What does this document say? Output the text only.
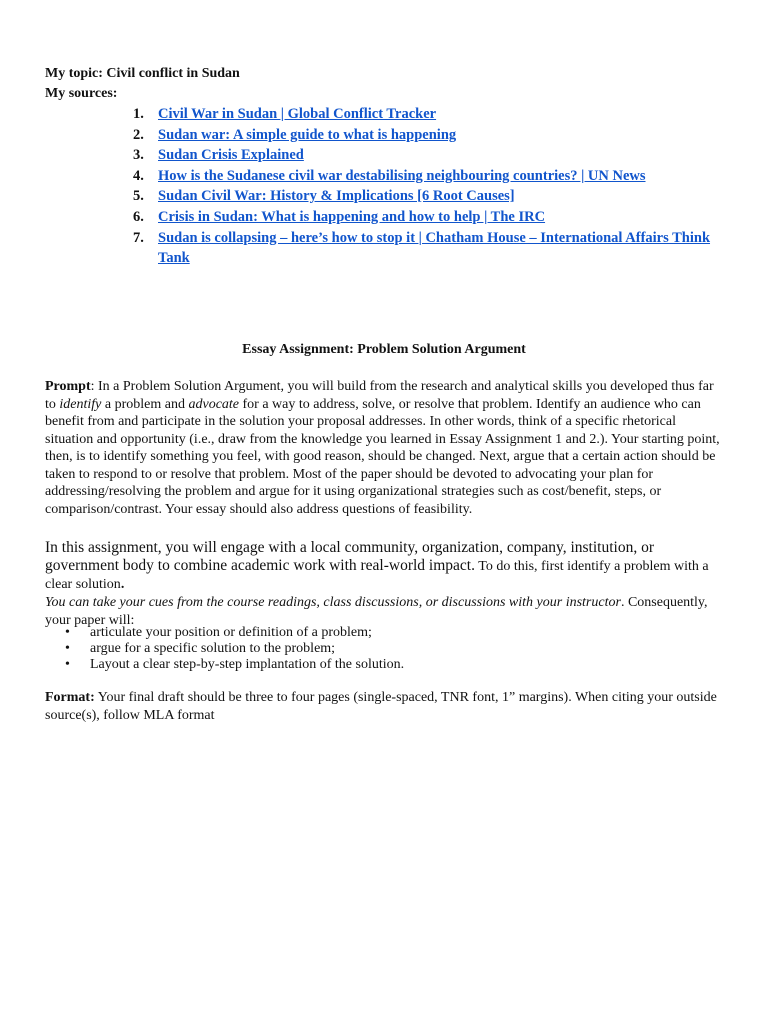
My topic: Civil conflict in Sudan
My sources:
1. Civil War in Sudan | Global Conflict Tracker
2. Sudan war: A simple guide to what is happening
3. Sudan Crisis Explained
4. How is the Sudanese civil war destabilising neighbouring countries? | UN News
5. Sudan Civil War: History & Implications [6 Root Causes]
6. Crisis in Sudan: What is happening and how to help | The IRC
7. Sudan is collapsing – here’s how to stop it | Chatham House – International Affairs Think Tank
Essay Assignment: Problem Solution Argument
Prompt: In a Problem Solution Argument, you will build from the research and analytical skills you developed thus far to identify a problem and advocate for a way to address, solve, or resolve that problem. Identify an audience who can benefit from and participate in the solution your proposal addresses. In other words, think of a specific rhetorical situation and opportunity (i.e., draw from the knowledge you learned in Essay Assignment 1 and 2.). Your starting point, then, is to identify something you feel, with good reason, should be changed. Next, argue that a certain action should be taken to respond to or resolve that problem. Most of the paper should be devoted to advocating your plan for addressing/resolving the problem and argue for it using organizational strategies such as cost/benefit, steps, or comparison/contrast. Your essay should also address questions of feasibility.
In this assignment, you will engage with a local community, organization, company, institution, or government body to combine academic work with real-world impact. To do this, first identify a problem with a clear solution.
You can take your cues from the course readings, class discussions, or discussions with your instructor. Consequently, your paper will:
• articulate your position or definition of a problem;
• argue for a specific solution to the problem;
• Layout a clear step-by-step implantation of the solution.
Format: Your final draft should be three to four pages (single-spaced, TNR font, 1” margins). When citing your outside source(s), follow MLA format
